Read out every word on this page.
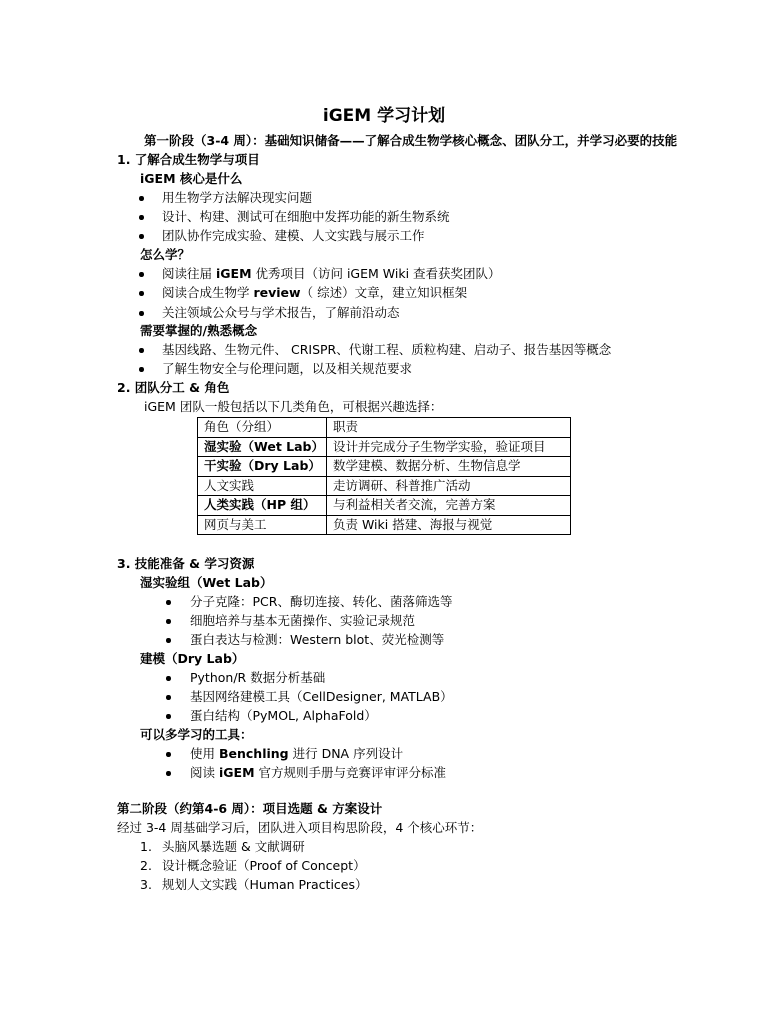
iGEM 学习计划
第一阶段（3-4 周）：基础知识储备——了解合成生物学核心概念、团队分工，并学习必要的技能
1. 了解合成生物学与项目
iGEM 核心是什么
用生物学方法解决现实问题
设计、构建、测试可在细胞中发挥功能的新生物系统
团队协作完成实验、建模、人文实践与展示工作
怎么学？
阅读往届 iGEM 优秀项目（访问 iGEM Wiki 查看获奖团队）
阅读合成生物学 review（ 综述）文章，建立知识框架
关注领域公众号与学术报告，了解前沿动态
需要掌握的/熟悉概念
基因线路、生物元件、 CRISPR、代谢工程、质粒构建、启动子、报告基因等概念
了解生物安全与伦理问题，以及相关规范要求
2. 团队分工 & 角色
iGEM 团队一般包括以下几类角色，可根据兴趣选择：
角色（分组）	职责
湿实验（Wet Lab）	设计并完成分子生物学实验，验证项目
干实验（Dry Lab）	数学建模、数据分析、生物信息学
人文实践	走访调研、科普推广活动
人类实践（HP 组）	与利益相关者交流，完善方案
网页与美工	负责 Wiki 搭建、海报与视觉
3. 技能准备 & 学习资源
湿实验组（Wet Lab）
分子克隆：PCR、酶切连接、转化、菌落筛选等
细胞培养与基本无菌操作、实验记录规范
蛋白表达与检测：Western blot、荧光检测等
建模（Dry Lab）
Python/R 数据分析基础
基因网络建模工具（CellDesigner, MATLAB）
蛋白结构（PyMOL, AlphaFold）
可以多学习的工具：
使用 Benchling 进行 DNA 序列设计
阅读 iGEM 官方规则手册与竞赛评审评分标准
第二阶段（约第4-6 周）：项目选题 & 方案设计
经过 3-4 周基础学习后，团队进入项目构思阶段，4 个核心环节：
1. 头脑风暴选题 & 文献调研
2. 设计概念验证（Proof of Concept）
3. 规划人文实践（Human Practices）
